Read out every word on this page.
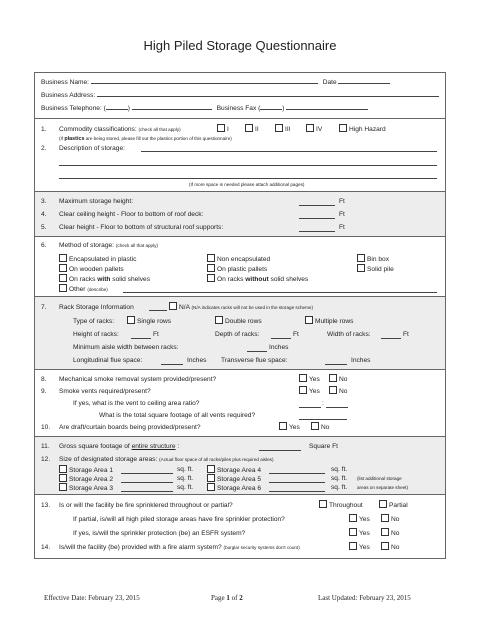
High Piled Storage Questionnaire
Business Name:	Date
Business Address:
Business Telephone: (	)	Business Fax (	)
1. Commodity classifications: (check all that apply)	I	II	III	IV	High Hazard
(If plastics are being stored, please fill out the plastics portion of this questionnaire)
2. Description of storage:
(If more space is needed please attach additional pages)
3. Maximum storage height:	Ft
4. Clear ceiling height - Floor to bottom of roof deck:	Ft
5. Clear height - Floor to bottom of structural roof supports:	Ft
6. Method of storage: (check all that apply)
Encapsulated in plastic	Non encapsulated	Bin box
On wooden pallets	On plastic pallets	Solid pile
On racks with solid shelves	On racks without solid shelves
Other (describe)
7. Rack Storage Information	N/A (N/A indicates racks will not be used in the storage scheme)
Type of racks:	Single rows	Double rows	Multiple rows
Height of racks:	Ft	Depth of racks:	Ft	Width of racks:	Ft
Minimum aisle width between racks:	Inches
Longitudinal flue space:	Inches Transverse flue space:	Inches
8. Mechanical smoke removal system provided/present?	Yes	No
9. Smoke vents required/present?	Yes	No
If yes, what is the vent to ceiling area ratio?	:
What is the total square footage of all vents required?
10. Are draft/curtain boards being provided/present?	Yes	No
11. Gross square footage of entire structure :	Square Ft
12. Size of designated storage areas: (Actual floor space of all racks/piles plus required aisles)
Storage Area 1	sq. ft.	Storage Area 4	sq. ft.
Storage Area 2	sq. ft.	Storage Area 5	sq. ft. (list additional storage
Storage Area 3	sq. ft.	Storage Area 6	sq. ft. areas on separate sheet)
13. Is or will the facility be fire sprinklered throughout or partial?	Throughout	Partial
If partial, is/will all high piled storage areas have fire sprinkler protection?	Yes	No
If yes, is/will the sprinkler protection (be) an ESFR system?	Yes	No
14. Is/will the facility (be) provided with a fire alarm system? (burglar security systems don't count)	Yes	No
Effective Date: February 23, 2015	Page 1 of 2	Last Updated: February 23, 2015
